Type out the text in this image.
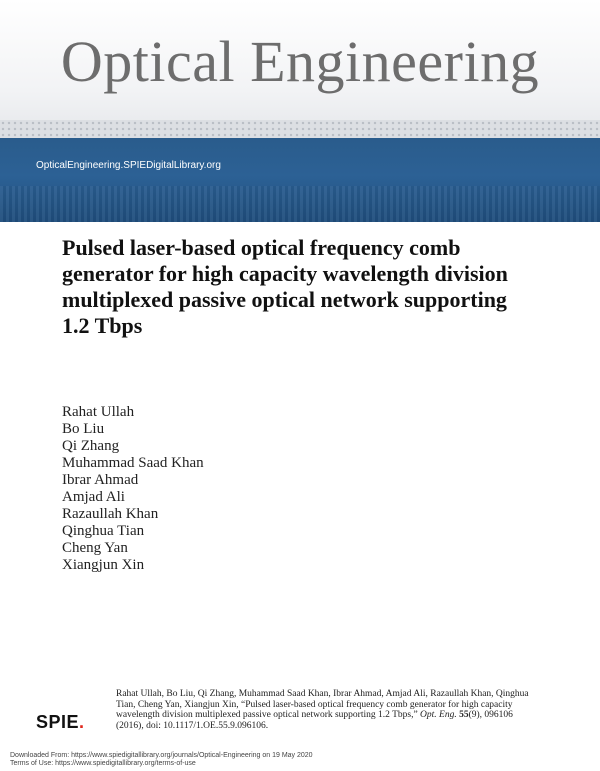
Optical Engineering
OpticalEngineering.SPIEDigitalLibrary.org
Pulsed laser-based optical frequency comb generator for high capacity wavelength division multiplexed passive optical network supporting 1.2 Tbps
Rahat Ullah
Bo Liu
Qi Zhang
Muhammad Saad Khan
Ibrar Ahmad
Amjad Ali
Razaullah Khan
Qinghua Tian
Cheng Yan
Xiangjun Xin
SPIE.

Rahat Ullah, Bo Liu, Qi Zhang, Muhammad Saad Khan, Ibrar Ahmad, Amjad Ali, Razaullah Khan, Qinghua Tian, Cheng Yan, Xiangjun Xin, “Pulsed laser-based optical frequency comb generator for high capacity wavelength division multiplexed passive optical network supporting 1.2 Tbps,” Opt. Eng. 55(9), 096106 (2016), doi: 10.1117/1.OE.55.9.096106.

Downloaded From: https://www.spiedigitallibrary.org/journals/Optical-Engineering on 19 May 2020
Terms of Use: https://www.spiedigitallibrary.org/terms-of-use
